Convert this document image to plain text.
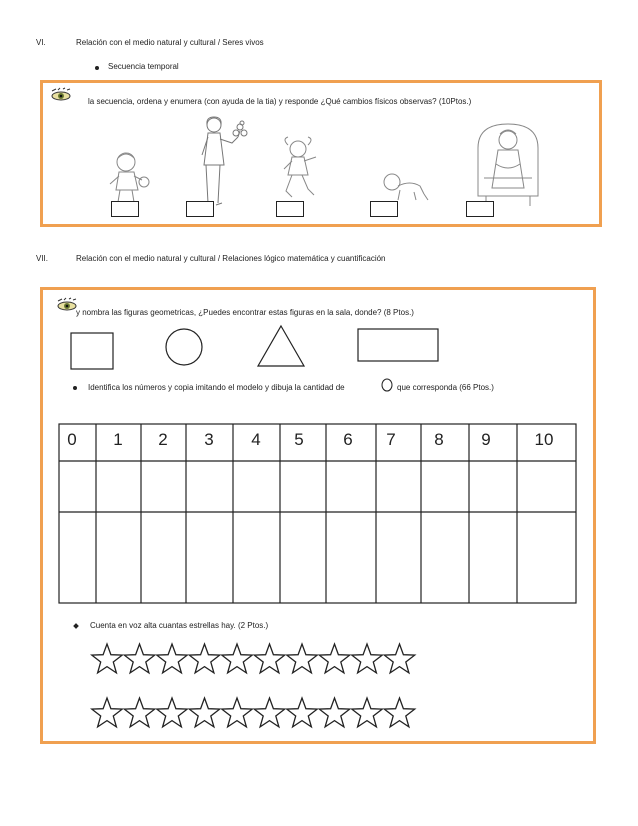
VI.	Relación con el medio natural y cultural / Seres vivos
Secuencia temporal
la secuencia, ordena y enumera (con ayuda de la tia) y responde ¿Qué cambios físicos observas? (10Ptos.)
VII.	Relación con el medio natural y cultural / Relaciones lógico matemática y cuantificación
y nombra las figuras geometricas, ¿Puedes encontrar estas figuras en la sala, donde? (8 Ptos.)
Identifica los números y copia imitando el modelo y dibuja la cantidad de	que corresponda (66 Ptos.)
0	1	2	3	4	5	6	7	8	9	10
Cuenta en voz alta cuantas estrellas hay. (2 Ptos.)
